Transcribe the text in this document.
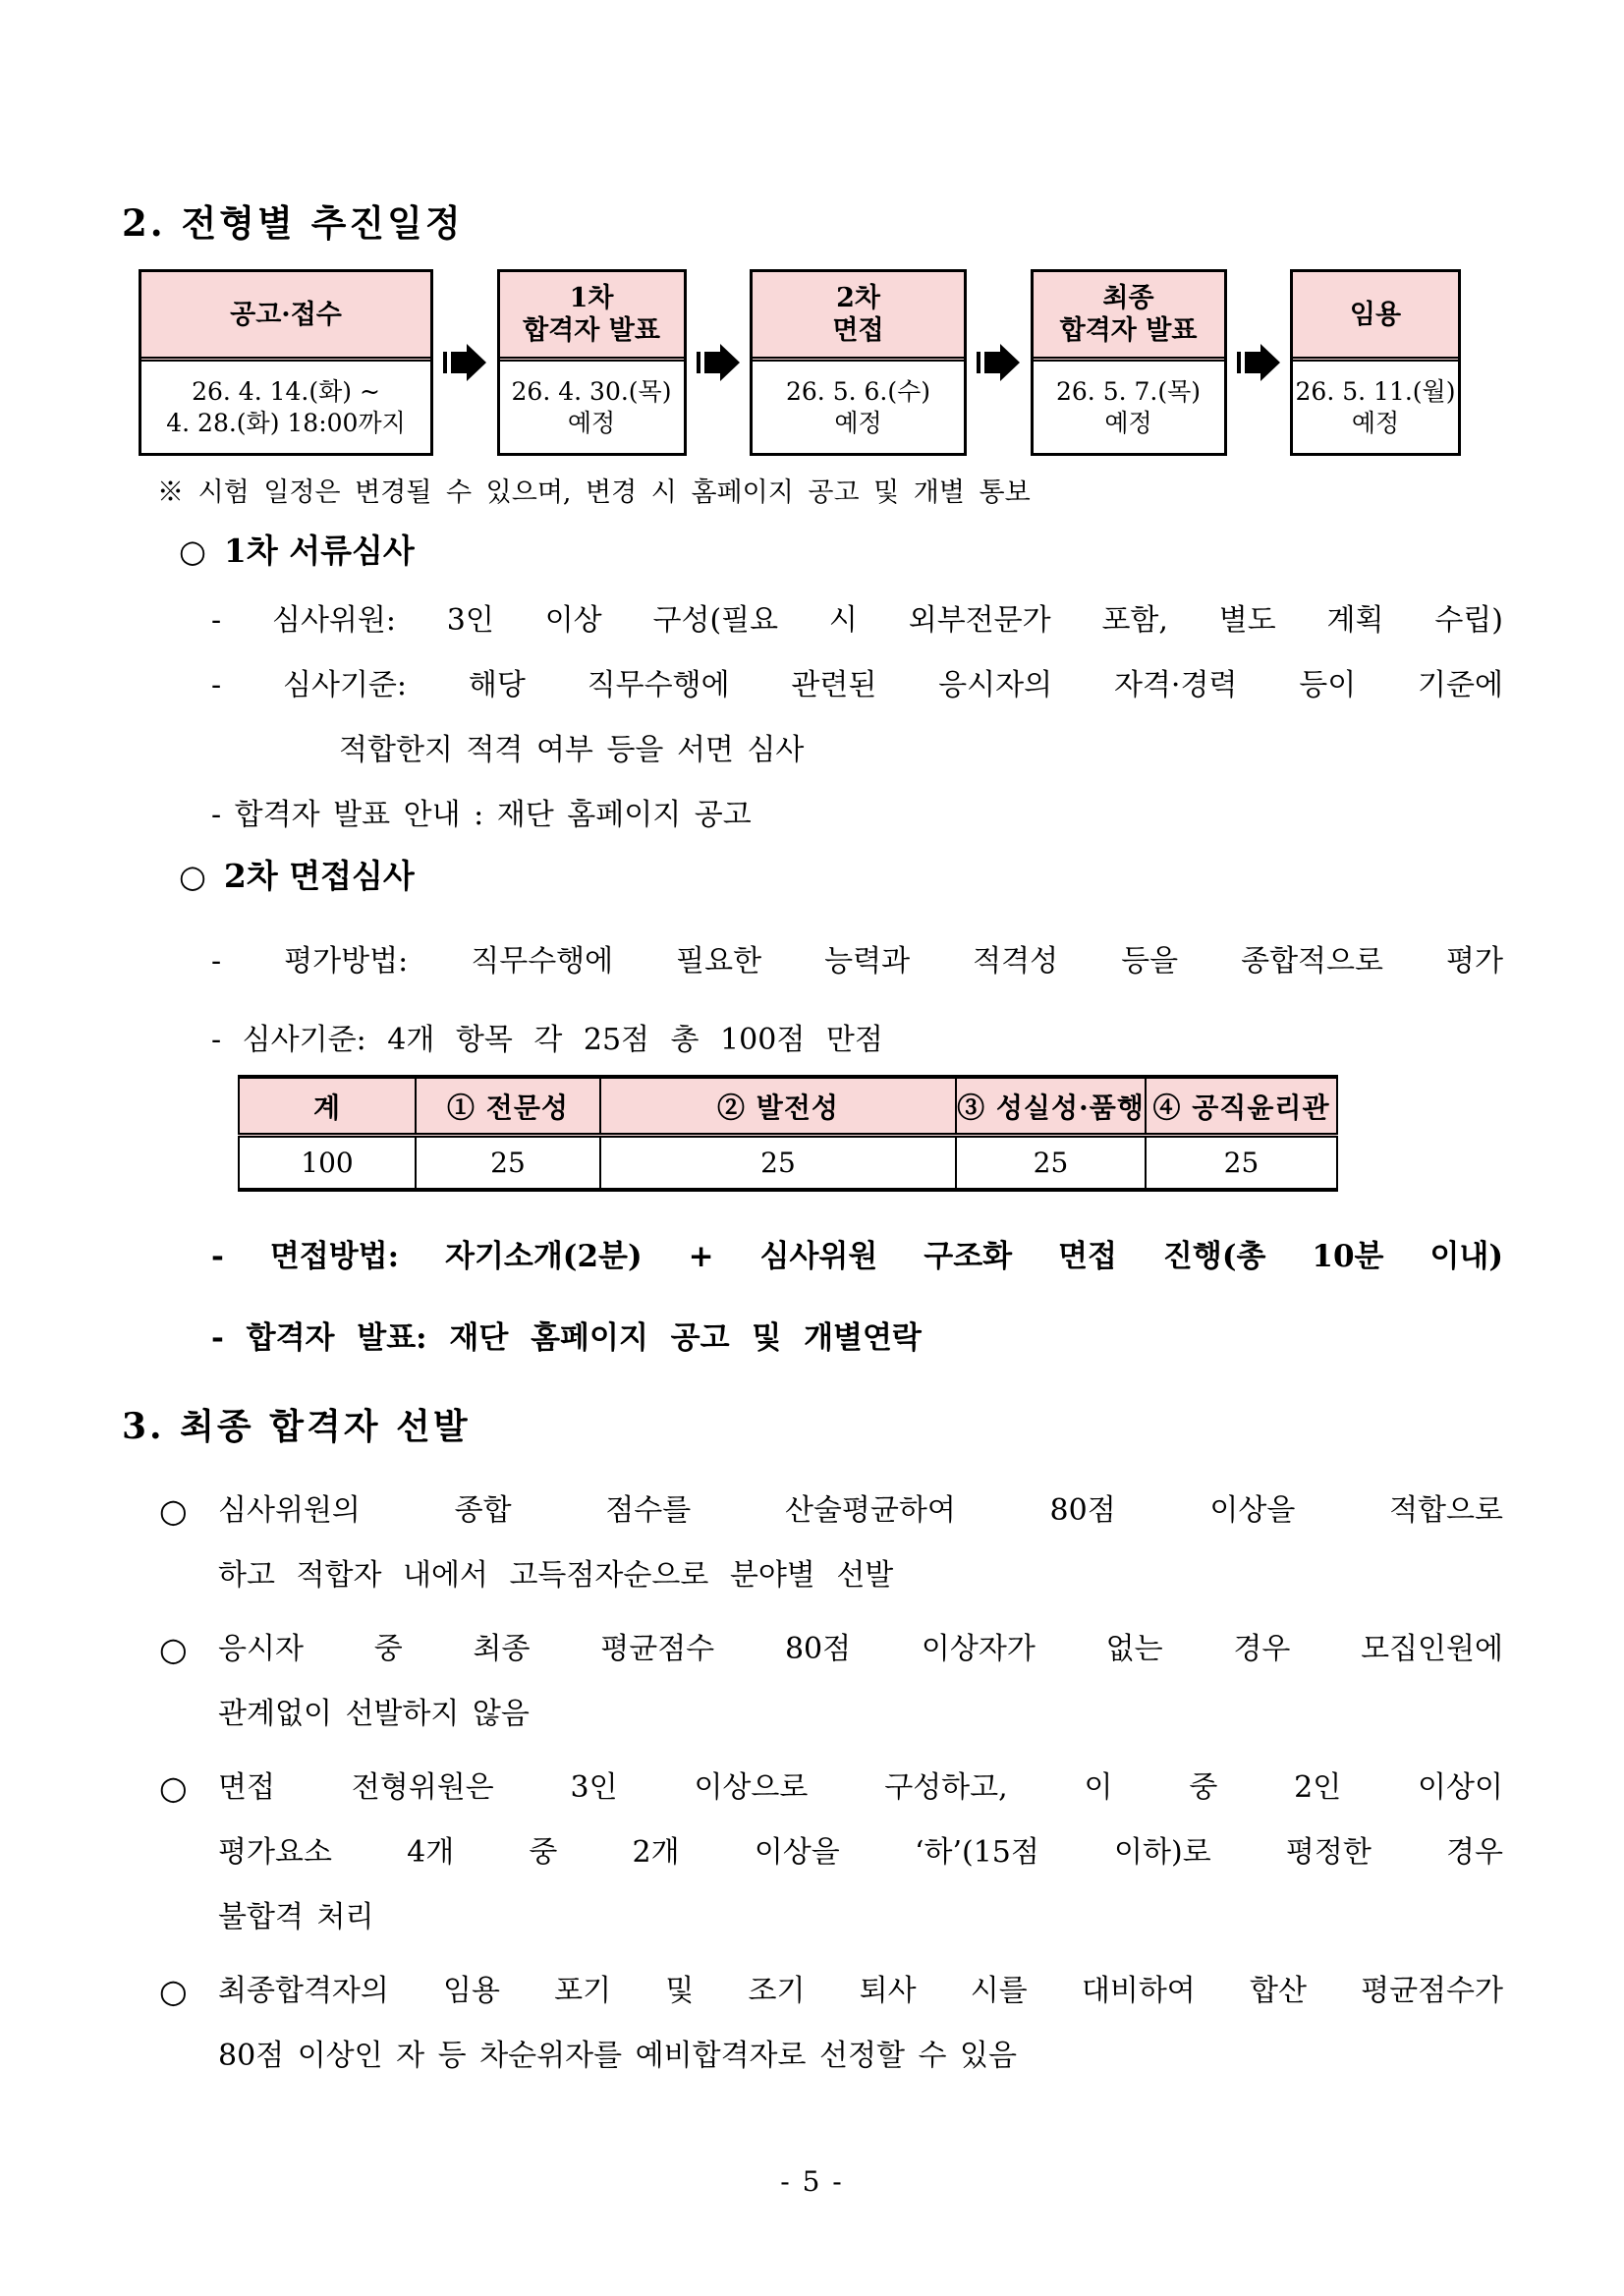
2. 전형별 추진일정
공고·접수
26. 4. 14.(화) ~
4. 28.(화) 18:00까지
1차
합격자 발표
26. 4. 30.(목)
예정
2차
면접
26. 5. 6.(수)
예정
최종
합격자 발표
26. 5. 7.(목)
예정
임용
26. 5. 11.(월)
예정
※ 시험 일정은 변경될 수 있으며, 변경 시 홈페이지 공고 및 개별 통보
○ 1차 서류심사
- 심사위원: 3인 이상 구성(필요 시 외부전문가 포함, 별도 계획 수립)
- 심사기준: 해당 직무수행에 관련된 응시자의 자격·경력 등이 기준에
적합한지 적격 여부 등을 서면 심사
- 합격자 발표 안내 : 재단 홈페이지 공고
○ 2차 면접심사
- 평가방법: 직무수행에 필요한 능력과 적격성 등을 종합적으로 평가
- 심사기준: 4개 항목 각 25점 총 100점 만점
계	① 전문성	② 발전성	③ 성실성·품행	④ 공직윤리관
100	25	25	25	25
- 면접방법: 자기소개(2분) + 심사위원 구조화 면접 진행(총 10분 이내)
- 합격자 발표: 재단 홈페이지 공고 및 개별연락
3. 최종 합격자 선발
○	심사위원의 종합 점수를 산술평균하여 80점 이상을 적합으로
하고 적합자 내에서 고득점자순으로 분야별 선발
○	응시자 중 최종 평균점수 80점 이상자가 없는 경우 모집인원에
관계없이 선발하지 않음
○	면접 전형위원은 3인 이상으로 구성하고, 이 중 2인 이상이
평가요소 4개 중 2개 이상을 ‘하’(15점 이하)로 평정한 경우
불합격 처리
○	최종합격자의 임용 포기 및 조기 퇴사 시를 대비하여 합산 평균점수가
80점 이상인 자 등 차순위자를 예비합격자로 선정할 수 있음
- 5 -
